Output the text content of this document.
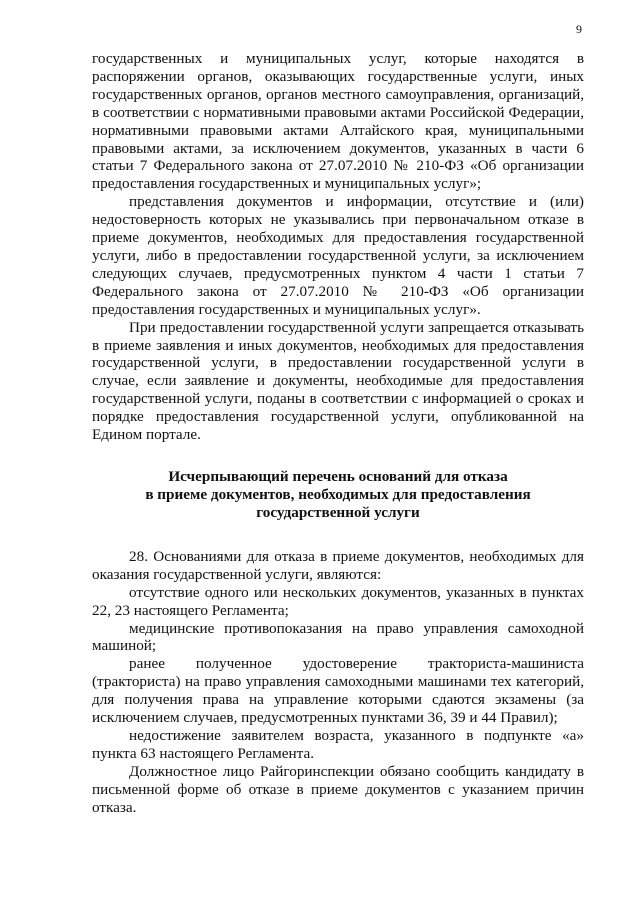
9

государственных и муниципальных услуг, которые находятся в распоряжении органов, оказывающих государственные услуги, иных государственных органов, органов местного самоуправления, организаций, в соответствии с нормативными правовыми актами Российской Федерации, нормативными правовыми актами Алтайского края, муниципальными правовыми актами, за исключением документов, указанных в части 6 статьи 7 Федерального закона от 27.07.2010 № 210-ФЗ «Об организации предоставления государственных и муниципальных услуг»;

представления документов и информации, отсутствие и (или) недостоверность которых не указывались при первоначальном отказе в приеме документов, необходимых для предоставления государственной услуги, либо в предоставлении государственной услуги, за исключением следующих случаев, предусмотренных пунктом 4 части 1 статьи 7 Федерального закона от 27.07.2010 № 210-ФЗ «Об организации предоставления государственных и муниципальных услуг».

При предоставлении государственной услуги запрещается отказывать в приеме заявления и иных документов, необходимых для предоставления государственной услуги, в предоставлении государственной услуги в случае, если заявление и документы, необходимые для предоставления государственной услуги, поданы в соответствии с информацией о сроках и порядке предоставления государственной услуги, опубликованной на Едином портале.

Исчерпывающий перечень оснований для отказа
в приеме документов, необходимых для предоставления
государственной услуги

28. Основаниями для отказа в приеме документов, необходимых для оказания государственной услуги, являются:

отсутствие одного или нескольких документов, указанных в пунктах 22, 23 настоящего Регламента;

медицинские противопоказания на право управления самоходной машиной;

ранее полученное удостоверение тракториста-машиниста (тракториста) на право управления самоходными машинами тех категорий, для получения права на управление которыми сдаются экзамены (за исключением случаев, предусмотренных пунктами 36, 39 и 44 Правил);

недостижение заявителем возраста, указанного в подпункте «а» пункта 63 настоящего Регламента.

Должностное лицо Райгоринспекции обязано сообщить кандидату в письменной форме об отказе в приеме документов с указанием причин отказа.
